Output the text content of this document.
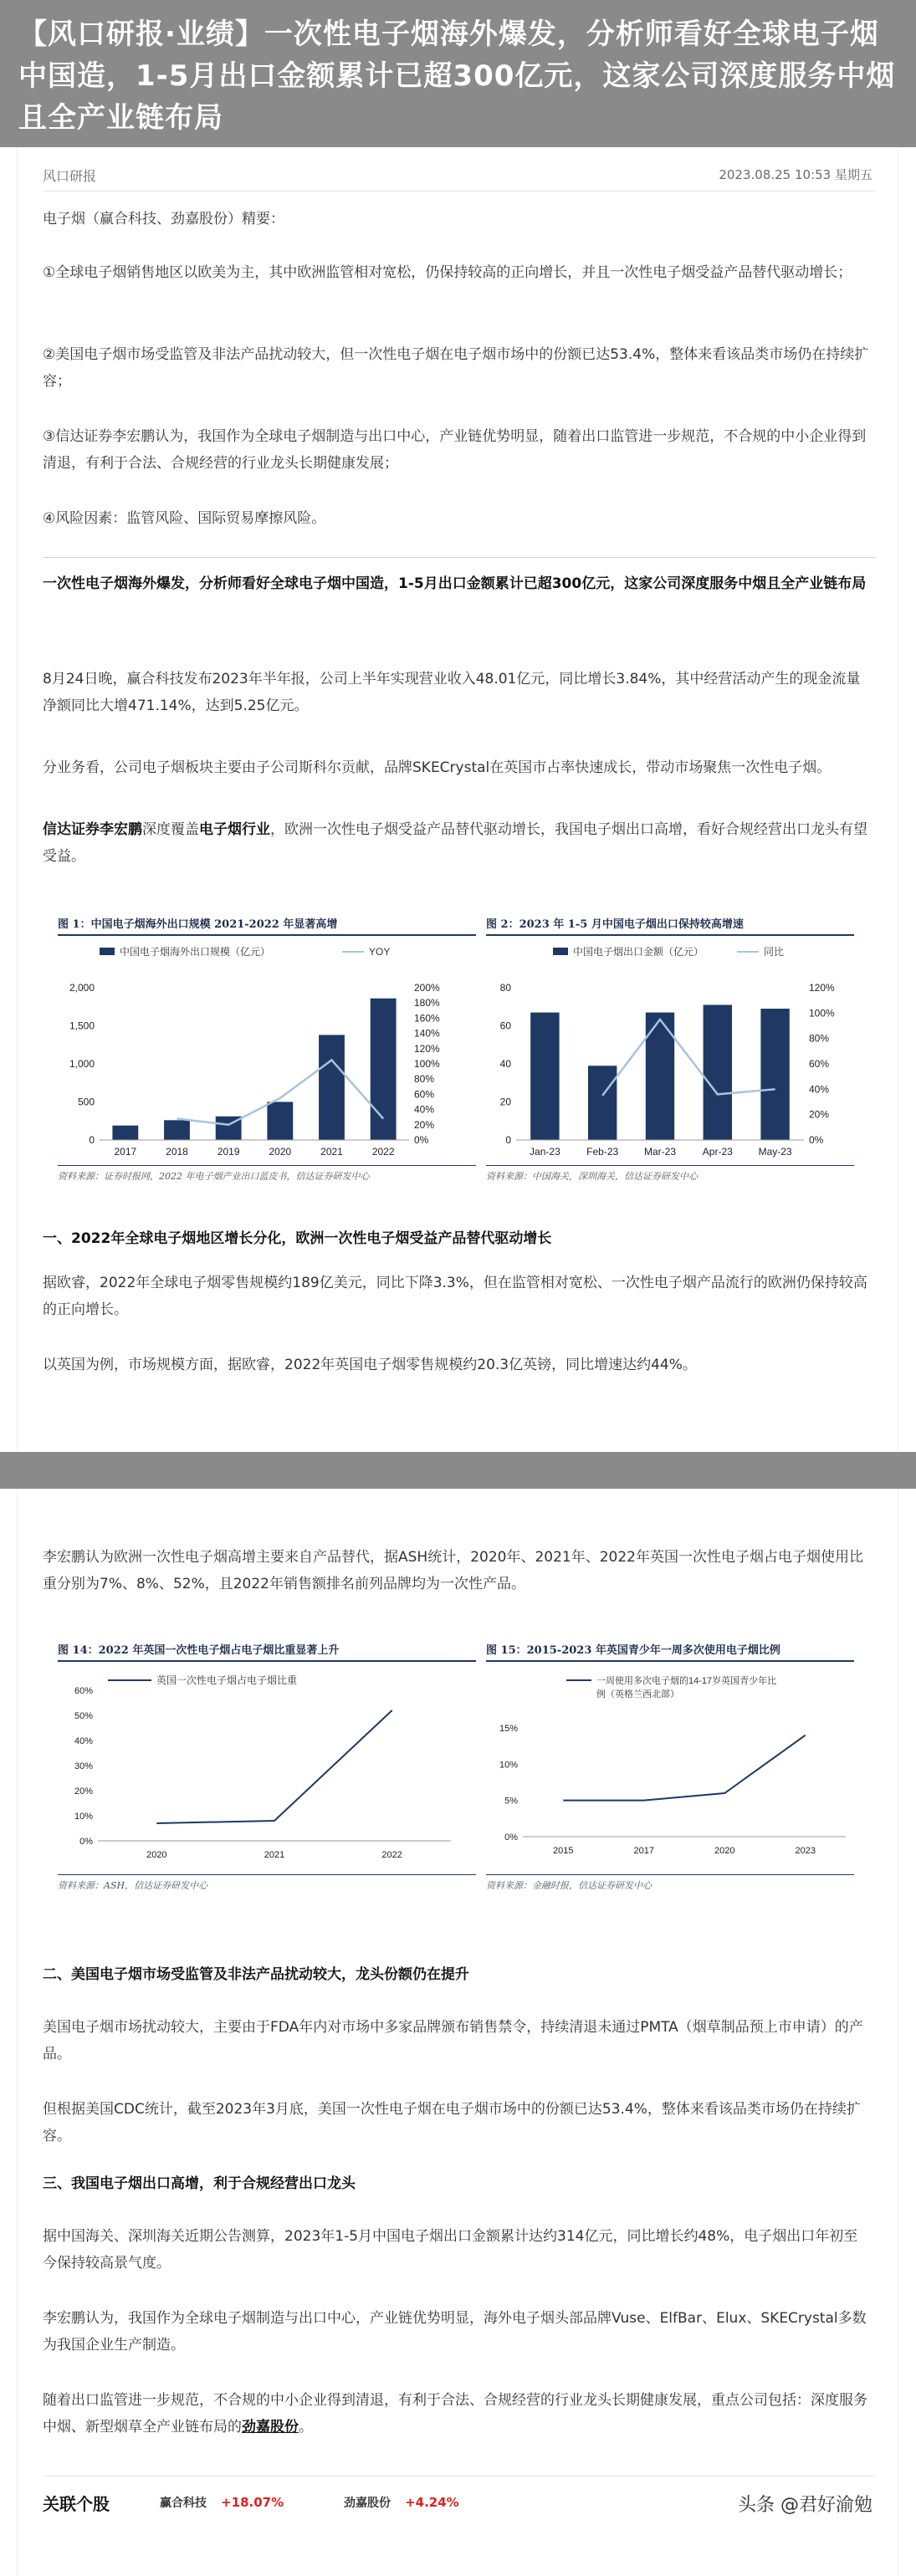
【风口研报·业绩】一次性电子烟海外爆发，分析师看好全球电子烟中国造，1-5月出口金额累计已超300亿元，这家公司深度服务中烟且全产业链布局
风口研报	2023.08.25 10:53 星期五
电子烟（赢合科技、劲嘉股份）精要：
①全球电子烟销售地区以欧美为主，其中欧洲监管相对宽松，仍保持较高的正向增长，并且一次性电子烟受益产品替代驱动增长；
②美国电子烟市场受监管及非法产品扰动较大，但一次性电子烟在电子烟市场中的份额已达53.4%，整体来看该品类市场仍在持续扩容；
③信达证券李宏鹏认为，我国作为全球电子烟制造与出口中心，产业链优势明显，随着出口监管进一步规范，不合规的中小企业得到清退，有利于合法、合规经营的行业龙头长期健康发展；
④风险因素：监管风险、国际贸易摩擦风险。
一次性电子烟海外爆发，分析师看好全球电子烟中国造，1-5月出口金额累计已超300亿元，这家公司深度服务中烟且全产业链布局
8月24日晚，赢合科技发布2023年半年报，公司上半年实现营业收入48.01亿元，同比增长3.84%，其中经营活动产生的现金流量净额同比大增471.14%，达到5.25亿元。
分业务看，公司电子烟板块主要由子公司斯科尔贡献，品牌SKECrystal在英国市占率快速成长，带动市场聚焦一次性电子烟。
信达证券李宏鹏深度覆盖电子烟行业，欧洲一次性电子烟受益产品替代驱动增长，我国电子烟出口高增，看好合规经营出口龙头有望受益。
图 1：中国电子烟海外出口规模 2021-2022 年显著高增
中国电子烟海外出口规模（亿元）	YOY
0
500
1,000
1,500
2,000
0%
20%
40%
60%
80%
100%
120%
140%
160%
180%
200%
2017	2018	2019	2020	2021	2022
资料来源：证券时报网，2022 年电子烟产业出口蓝皮书，信达证券研发中心
图 2：2023 年 1-5 月中国电子烟出口保持较高增速
中国电子烟出口金额（亿元）	同比
0
20
40
60
80
0%
20%
40%
60%
80%
100%
120%
Jan-23	Feb-23	Mar-23	Apr-23	May-23
资料来源：中国海关，深圳海关，信达证券研发中心
一、2022年全球电子烟地区增长分化，欧洲一次性电子烟受益产品替代驱动增长
据欧睿，2022年全球电子烟零售规模约189亿美元，同比下降3.3%，但在监管相对宽松、一次性电子烟产品流行的欧洲仍保持较高的正向增长。
以英国为例，市场规模方面，据欧睿，2022年英国电子烟零售规模约20.3亿英镑，同比增速达约44%。
李宏鹏认为欧洲一次性电子烟高增主要来自产品替代，据ASH统计，2020年、2021年、2022年英国一次性电子烟占电子烟使用比重分别为7%、8%、52%，且2022年销售额排名前列品牌均为一次性产品。
图 14：2022 年英国一次性电子烟占电子烟比重显著上升
0%
10%
20%
30%
40%
50%
60%
2020	2021	2022
英国一次性电子烟占电子烟比重
资料来源：ASH，信达证券研发中心
图 15：2015-2023 年英国青少年一周多次使用电子烟比例
0%
5%
10%
15%
2015	2017	2020	2023
一周使用多次电子烟的14-17岁英国青少年比
例（英格兰西北部）
资料来源：金融时报，信达证券研发中心
二、美国电子烟市场受监管及非法产品扰动较大，龙头份额仍在提升
美国电子烟市场扰动较大，主要由于FDA年内对市场中多家品牌颁布销售禁令，持续清退未通过PMTA（烟草制品预上市申请）的产品。
但根据美国CDC统计，截至2023年3月底，美国一次性电子烟在电子烟市场中的份额已达53.4%，整体来看该品类市场仍在持续扩容。
三、我国电子烟出口高增，利于合规经营出口龙头
据中国海关、深圳海关近期公告测算，2023年1-5月中国电子烟出口金额累计达约314亿元，同比增长约48%，电子烟出口年初至今保持较高景气度。
李宏鹏认为，我国作为全球电子烟制造与出口中心，产业链优势明显，海外电子烟头部品牌Vuse、ElfBar、Elux、SKECrystal多数为我国企业生产制造。
随着出口监管进一步规范，不合规的中小企业得到清退，有利于合法、合规经营的行业龙头长期健康发展，重点公司包括：深度服务中烟、新型烟草全产业链布局的劲嘉股份。
关联个股	赢合科技 +18.07%	劲嘉股份 +4.24%	头条 @君好渝勉
